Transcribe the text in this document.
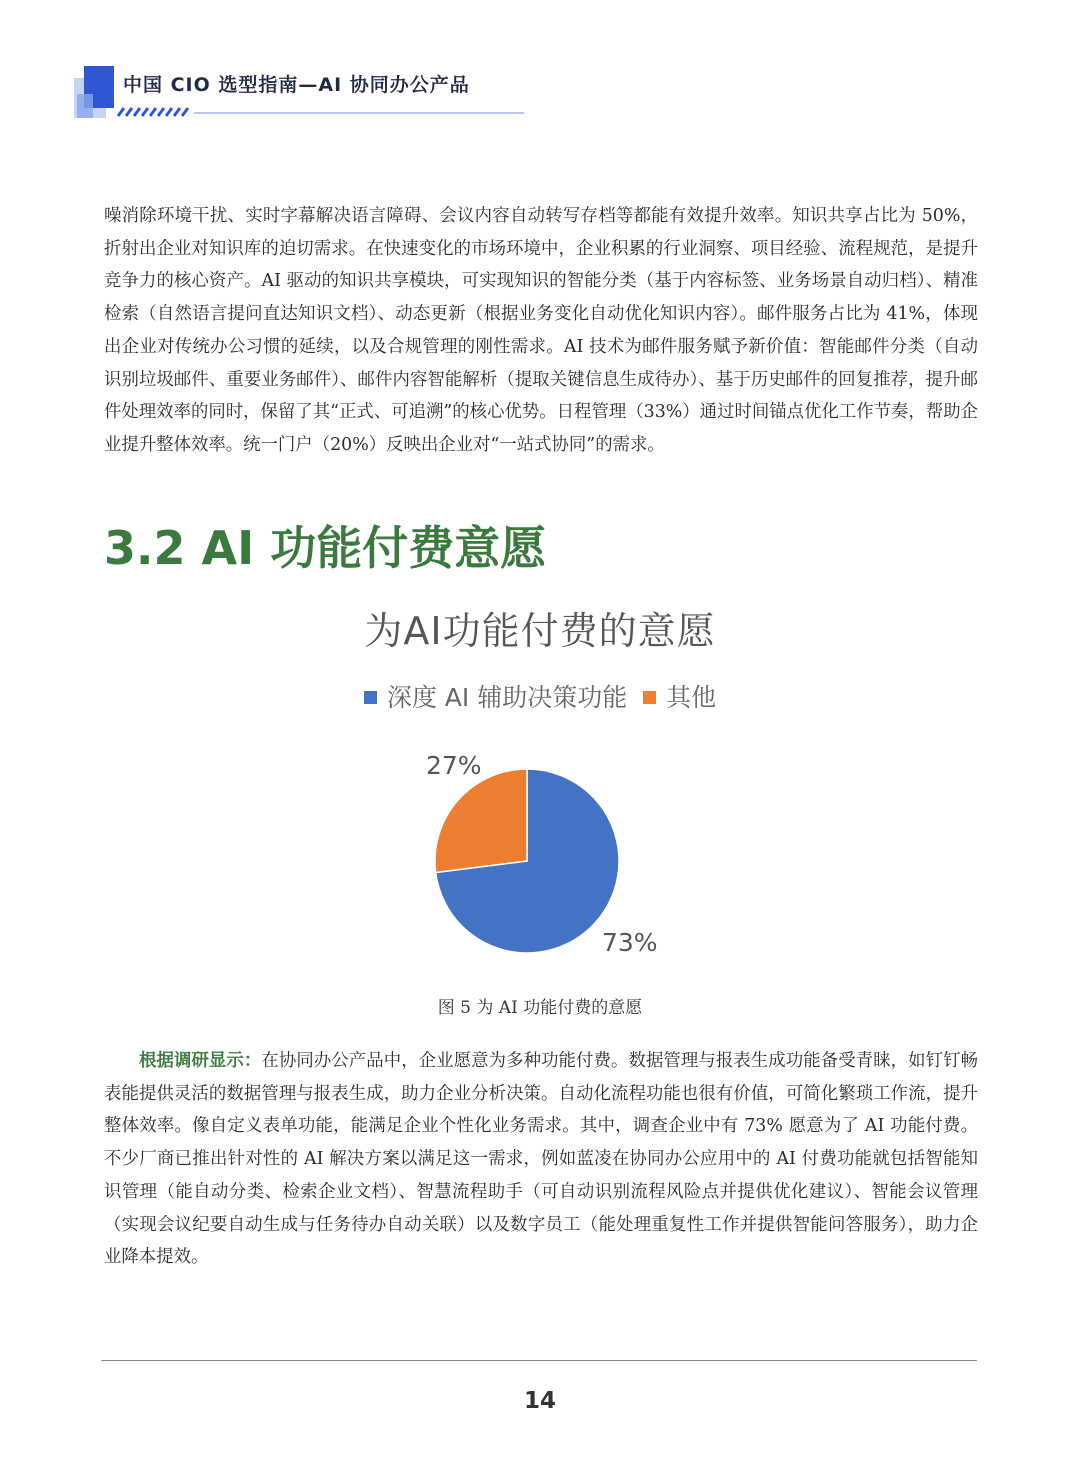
中国 CIO 选型指南—AI 协同办公产品

噪消除环境干扰、实时字幕解决语言障碍、会议内容自动转写存档等都能有效提升效率。知识共享占比为 50%，折射出企业对知识库的迫切需求。在快速变化的市场环境中，企业积累的行业洞察、项目经验、流程规范，是提升竞争力的核心资产。AI 驱动的知识共享模块，可实现知识的智能分类（基于内容标签、业务场景自动归档）、精准检索（自然语言提问直达知识文档）、动态更新（根据业务变化自动优化知识内容）。邮件服务占比为 41%，体现出企业对传统办公习惯的延续，以及合规管理的刚性需求。AI 技术为邮件服务赋予新价值：智能邮件分类（自动识别垃圾邮件、重要业务邮件）、邮件内容智能解析（提取关键信息生成待办）、基于历史邮件的回复推荐，提升邮件处理效率的同时，保留了其“正式、可追溯”的核心优势。日程管理（33%）通过时间锚点优化工作节奏，帮助企业提升整体效率。统一门户（20%）反映出企业对“一站式协同”的需求。

3.2 AI 功能付费意愿
为AI功能付费的意愿
深度 AI 辅助决策功能 其他
27%
73%
图 5 为 AI 功能付费的意愿

根据调研显示：在协同办公产品中，企业愿意为多种功能付费。数据管理与报表生成功能备受青睐，如钉钉畅表能提供灵活的数据管理与报表生成，助力企业分析决策。自动化流程功能也很有价值，可简化繁琐工作流，提升整体效率。像自定义表单功能，能满足企业个性化业务需求。其中，调查企业中有 73% 愿意为了 AI 功能付费。不少厂商已推出针对性的 AI 解决方案以满足这一需求，例如蓝凌在协同办公应用中的 AI 付费功能就包括智能知识管理（能自动分类、检索企业文档）、智慧流程助手（可自动识别流程风险点并提供优化建议）、智能会议管理（实现会议纪要自动生成与任务待办自动关联）以及数字员工（能处理重复性工作并提供智能问答服务），助力企业降本提效。

14
